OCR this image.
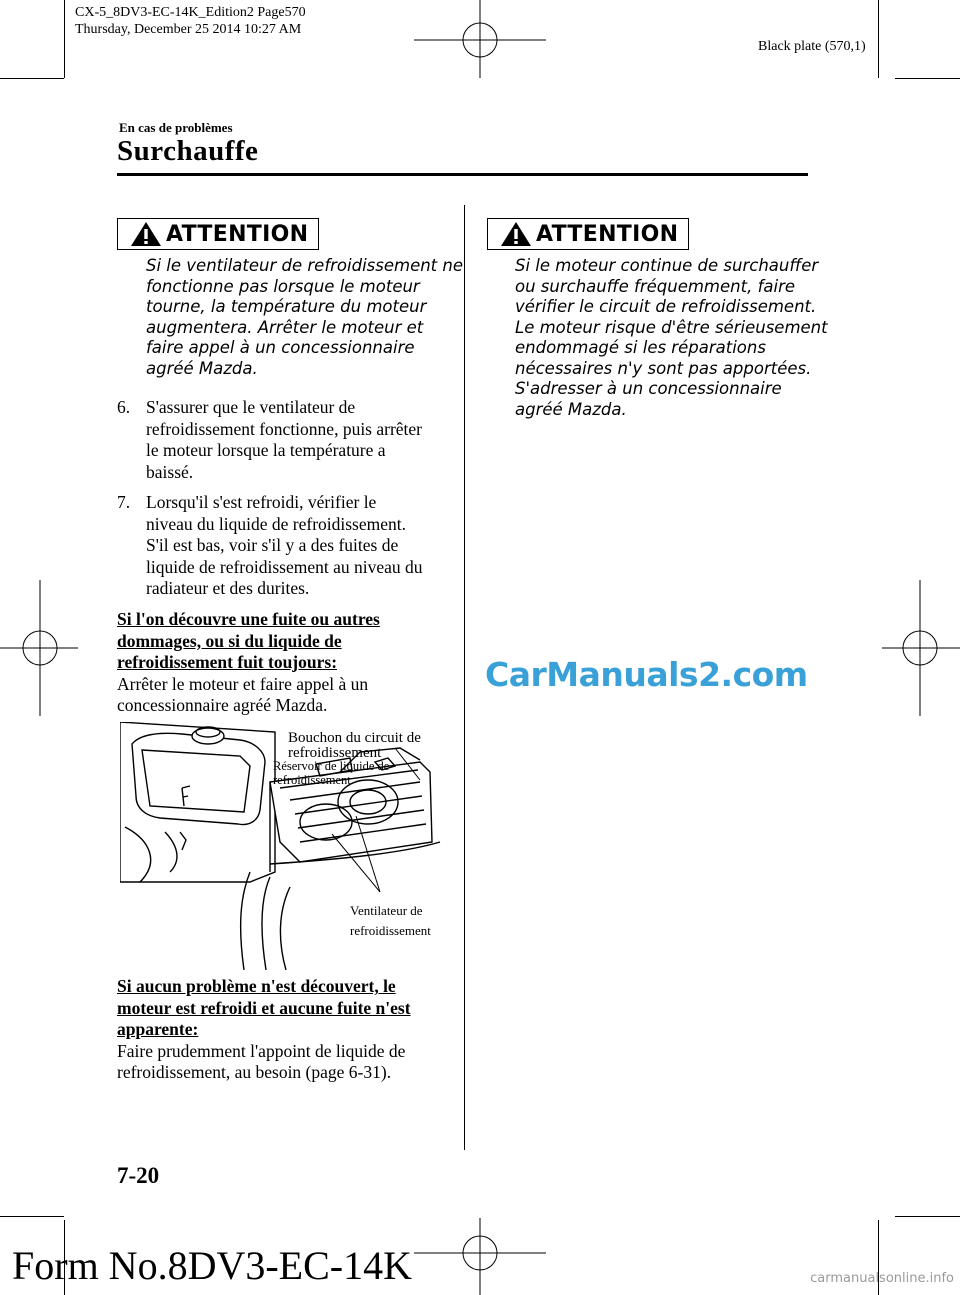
CX-5_8DV3-EC-14K_Edition2 Page570
Thursday, December 25 2014 10:27 AM
Black plate (570,1)
En cas de problèmes
Surchauffe
ATTENTION
Si le ventilateur de refroidissement ne
fonctionne pas lorsque le moteur
tourne, la température du moteur
augmentera. Arrêter le moteur et
faire appel à un concessionnaire
agréé Mazda.
6. S'assurer que le ventilateur de
refroidissement fonctionne, puis arrêter
le moteur lorsque la température a
baissé.
7. Lorsqu'il s'est refroidi, vérifier le
niveau du liquide de refroidissement.
S'il est bas, voir s'il y a des fuites de
liquide de refroidissement au niveau du
radiateur et des durites.
Si l'on découvre une fuite ou autres
dommages, ou si du liquide de
refroidissement fuit toujours:
Arrêter le moteur et faire appel à un
concessionnaire agréé Mazda.
Bouchon du circuit de
refroidissement
Réservoir de liquide de
refroidissement
Ventilateur de
refroidissement
Si aucun problème n'est découvert, le
moteur est refroidi et aucune fuite n'est
apparente:
Faire prudemment l'appoint de liquide de
refroidissement, au besoin (page 6-31).
ATTENTION
Si le moteur continue de surchauffer
ou surchauffe fréquemment, faire
vérifier le circuit de refroidissement.
Le moteur risque d'être sérieusement
endommagé si les réparations
nécessaires n'y sont pas apportées.
S'adresser à un concessionnaire
agréé Mazda.
CarManuals2.com
carmanualsonline.info
7-20
Form No.8DV3-EC-14K
